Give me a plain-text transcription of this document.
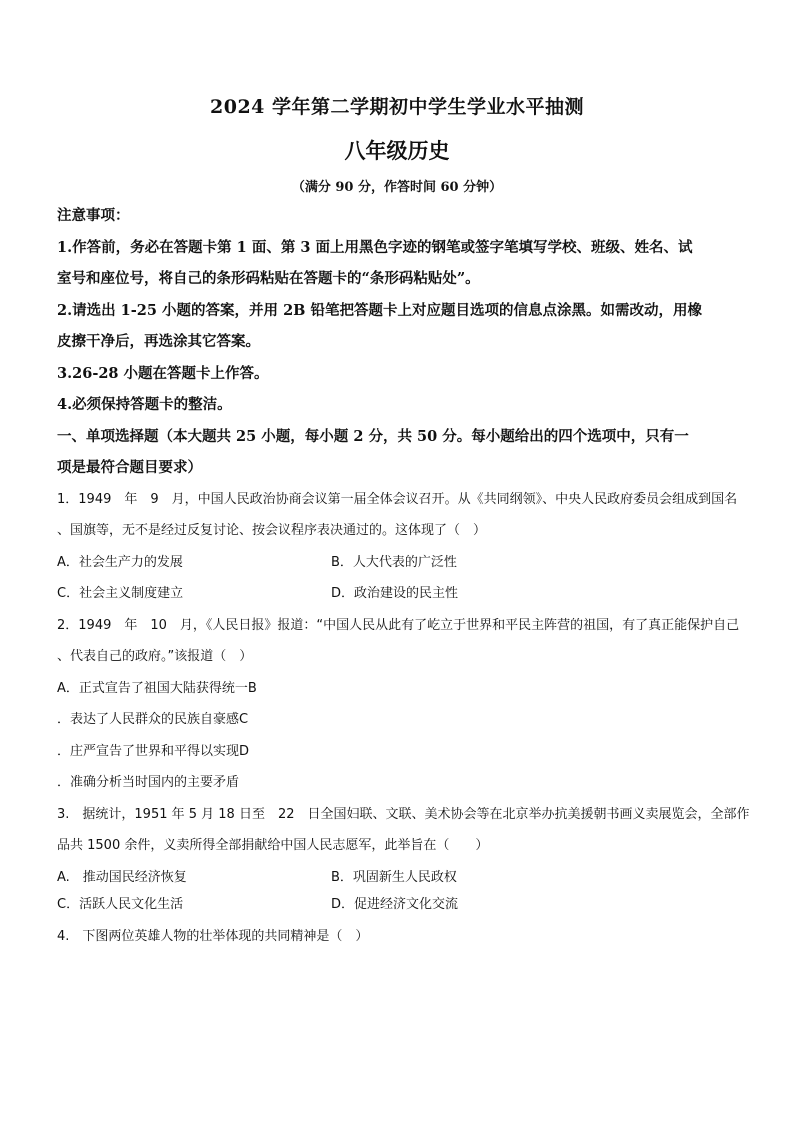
2024 学年第二学期初中学生学业水平抽测
八年级历史
（满分 90 分，作答时间 60 分钟）
注意事项：
1.作答前，务必在答题卡第 1 面、第 3 面上用黑色字迹的钢笔或签字笔填写学校、班级、姓名、试
室号和座位号，将自己的条形码粘贴在答题卡的“条形码粘贴处”。
2.请选出 1-25 小题的答案，并用 2B 铅笔把答题卡上对应题目选项的信息点涂黑。如需改动，用橡
皮擦干净后，再选涂其它答案。
3.26-28 小题在答题卡上作答。
4.必须保持答题卡的整洁。
一、单项选择题（本大题共 25 小题，每小题 2 分，共 50 分。每小题给出的四个选项中，只有一
项是最符合题目要求）
1．1949　年　9　月，中国人民政治协商会议第一届全体会议召开。从《共同纲领》、中央人民政府委员会组成到国名
、国旗等，无不是经过反复讨论、按会议程序表决通过的。这体现了（　）
A．社会生产力的发展	B．人大代表的广泛性
C．社会主义制度建立	D．政治建设的民主性
2．1949　年　10　月，《人民日报》报道：“中国人民从此有了屹立于世界和平民主阵营的祖国，有了真正能保护自己
、代表自己的政府。”该报道（　）
A．正式宣告了祖国大陆获得统一B
．表达了人民群众的民族自豪感C
．庄严宣告了世界和平得以实现D
．准确分析当时国内的主要矛盾
3.　据统计，1951 年 5 月 18 日至　22　日全国妇联、文联、美术协会等在北京举办抗美援朝书画义卖展览会，全部作
品共 1500 余件，义卖所得全部捐献给中国人民志愿军，此举旨在（　　）
A.　推动国民经济恢复	B．巩固新生人民政权
C．活跃人民文化生活	D．促进经济文化交流
4.　下图两位英雄人物的壮举体现的共同精神是（　）
